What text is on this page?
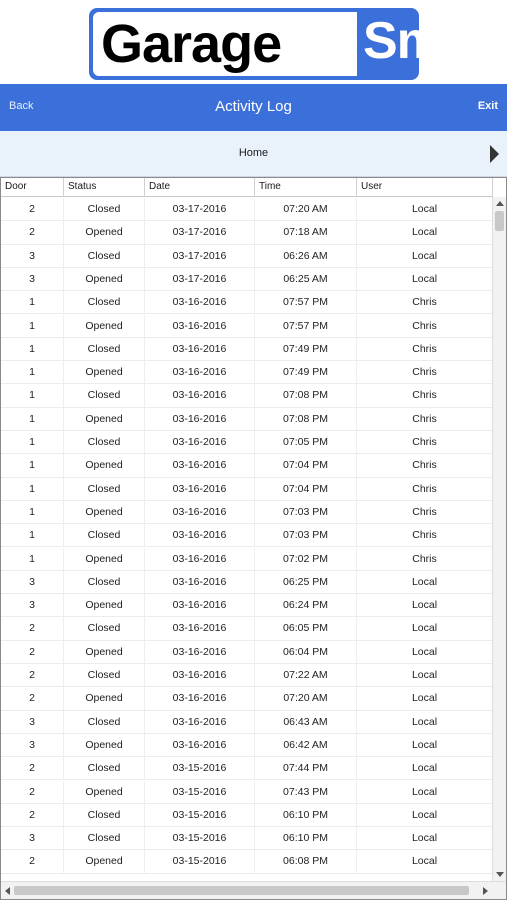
Garage Smart
Back	Activity Log	Exit
Home
Door	Status	Date	Time	User
2	Closed	03-17-2016	07:20 AM	Local
2	Opened	03-17-2016	07:18 AM	Local
3	Closed	03-17-2016	06:26 AM	Local
3	Opened	03-17-2016	06:25 AM	Local
1	Closed	03-16-2016	07:57 PM	Chris
1	Opened	03-16-2016	07:57 PM	Chris
1	Closed	03-16-2016	07:49 PM	Chris
1	Opened	03-16-2016	07:49 PM	Chris
1	Closed	03-16-2016	07:08 PM	Chris
1	Opened	03-16-2016	07:08 PM	Chris
1	Closed	03-16-2016	07:05 PM	Chris
1	Opened	03-16-2016	07:04 PM	Chris
1	Closed	03-16-2016	07:04 PM	Chris
1	Opened	03-16-2016	07:03 PM	Chris
1	Closed	03-16-2016	07:03 PM	Chris
1	Opened	03-16-2016	07:02 PM	Chris
3	Closed	03-16-2016	06:25 PM	Local
3	Opened	03-16-2016	06:24 PM	Local
2	Closed	03-16-2016	06:05 PM	Local
2	Opened	03-16-2016	06:04 PM	Local
2	Closed	03-16-2016	07:22 AM	Local
2	Opened	03-16-2016	07:20 AM	Local
3	Closed	03-16-2016	06:43 AM	Local
3	Opened	03-16-2016	06:42 AM	Local
2	Closed	03-15-2016	07:44 PM	Local
2	Opened	03-15-2016	07:43 PM	Local
2	Closed	03-15-2016	06:10 PM	Local
3	Closed	03-15-2016	06:10 PM	Local
2	Opened	03-15-2016	06:08 PM	Local
